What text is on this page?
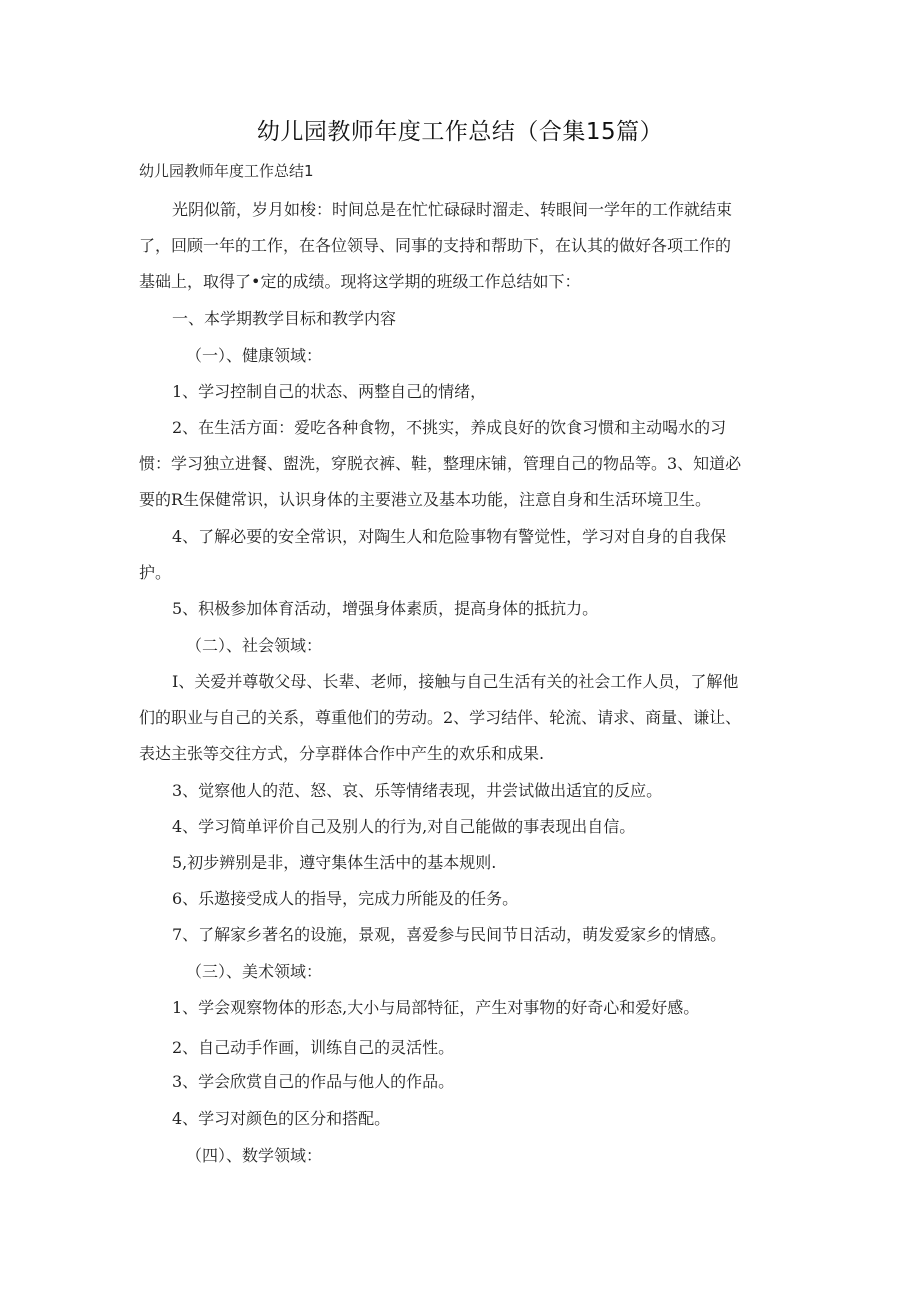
幼儿园教师年度工作总结（合集15篇）
幼儿园教师年度工作总结1
光阴似箭，岁月如梭：时间总是在忙忙碌碌时溜走、转眼间一学年的工作就结束
了，回顾一年的工作，在各位领导、同事的支持和帮助下，在认其的做好各项工作的
基础上，取得了•定的成绩。现将这学期的班级工作总结如下：
一、本学期教学目标和教学内容
（一）、健康领域：
1、学习控制自己的状态、两整自己的情绪，
2、在生活方面：爱吃各种食物，不挑实，养成良好的饮食习惯和主动喝水的习
惯：学习独立进餐、盥洗，穿脱衣裤、鞋，整理床铺，管理自己的物品等。3、知道必
要的R生保健常识，认识身体的主要港立及基本功能，注意自身和生活环境卫生。
4、了解必要的安全常识，对陶生人和危险事物有警觉性，学习对自身的自我保
护。
5、积极参加体育活动，增强身体素质，提高身体的抵抗力。
（二）、社会领域：
I、关爱并尊敬父母、长辈、老师，接触与自己生活有关的社会工作人员，了解他
们的职业与自己的关系，尊重他们的劳动。2、学习结伴、轮流、请求、商量、谦让、
表达主张等交往方式，分享群体合作中产生的欢乐和成果.
3、觉察他人的范、怒、哀、乐等情绪表现，井尝试做出适宜的反应。
4、学习简单评价自己及别人的行为,对自己能做的事表现出自信。
5,初步辨别是非，遵守集体生活中的基本规则.
6、乐遨接受成人的指导，完成力所能及的任务。
7、了解家乡著名的设施，景观，喜爱参与民间节日活动，萌发爱家乡的情感。
（三）、美术领域：
1、学会观察物体的形态,大小与局部特征，产生对事物的好奇心和爱好感。
2、自己动手作画，训练自己的灵活性。
3、学会欣赏自己的作品与他人的作品。
4、学习对颜色的区分和搭配。
（四）、数学领域：
